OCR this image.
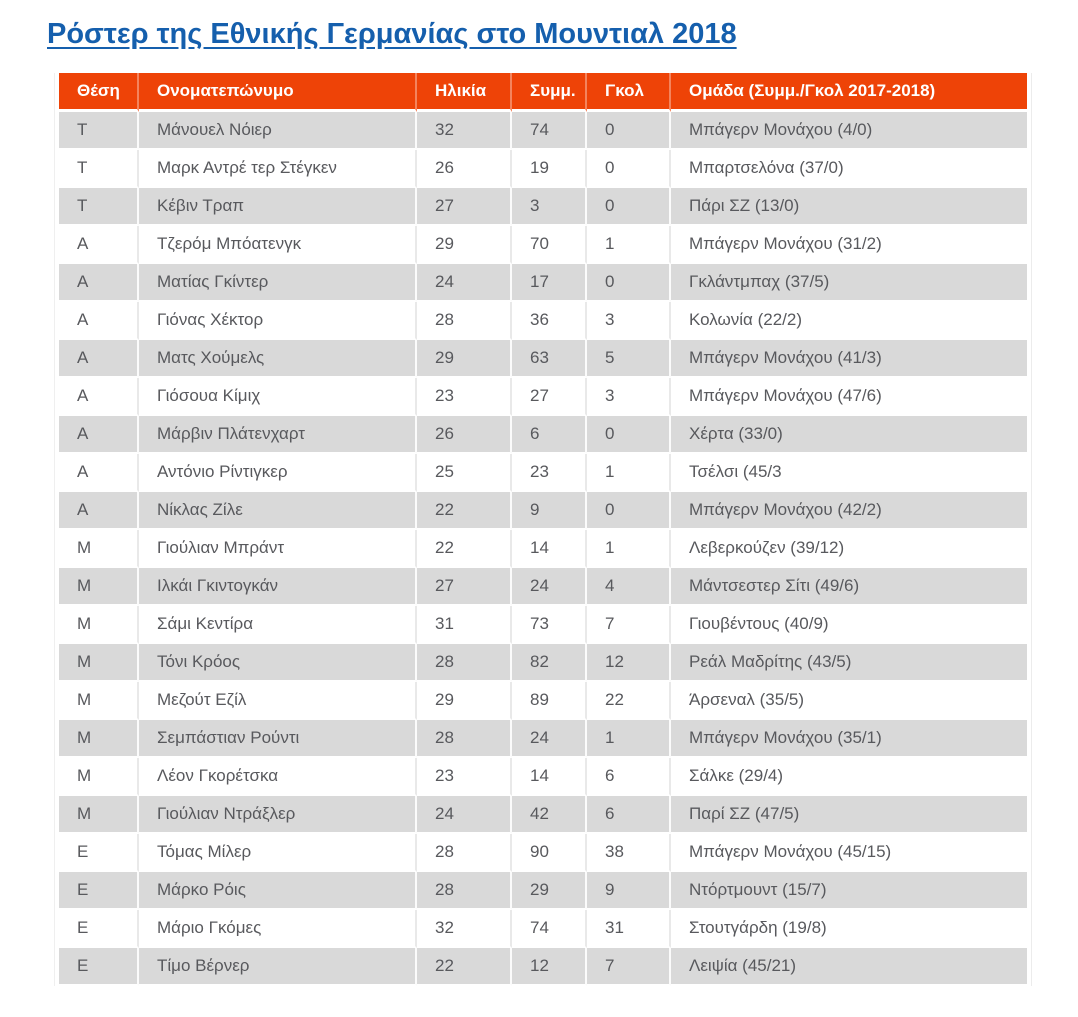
Ρόστερ της Εθνικής Γερμανίας στο Μουντιαλ 2018
Θέση	Ονοματεπώνυμο	Ηλικία	Συμμ.	Γκολ	Ομάδα (Συμμ./Γκολ 2017-2018)
Τ	Μάνουελ Νόιερ	32	74	0	Μπάγερν Μονάχου (4/0)
Τ	Μαρκ Αντρέ τερ Στέγκεν	26	19	0	Μπαρτσελόνα (37/0)
Τ	Κέβιν Τραπ	27	3	0	Πάρι ΣΖ (13/0)
Α	Τζερόμ Μπόατενγκ	29	70	1	Μπάγερν Μονάχου (31/2)
Α	Ματίας Γκίντερ	24	17	0	Γκλάντμπαχ (37/5)
Α	Γιόνας Χέκτορ	28	36	3	Κολωνία (22/2)
Α	Ματς Χούμελς	29	63	5	Μπάγερν Μονάχου (41/3)
Α	Γιόσουα Κίμιχ	23	27	3	Μπάγερν Μονάχου (47/6)
Α	Μάρβιν Πλάτενχαρτ	26	6	0	Χέρτα (33/0)
Α	Αντόνιο Ρίντιγκερ	25	23	1	Τσέλσι (45/3
Α	Νίκλας Ζίλε	22	9	0	Μπάγερν Μονάχου (42/2)
Μ	Γιούλιαν Μπράντ	22	14	1	Λεβερκούζεν (39/12)
Μ	Ιλκάι Γκιντογκάν	27	24	4	Μάντσεστερ Σίτι (49/6)
Μ	Σάμι Κεντίρα	31	73	7	Γιουβέντους (40/9)
Μ	Τόνι Κρόος	28	82	12	Ρεάλ Μαδρίτης (43/5)
Μ	Μεζούτ Εζίλ	29	89	22	Άρσεναλ (35/5)
Μ	Σεμπάστιαν Ρούντι	28	24	1	Μπάγερν Μονάχου (35/1)
Μ	Λέον Γκορέτσκα	23	14	6	Σάλκε (29/4)
Μ	Γιούλιαν Ντράξλερ	24	42	6	Παρί ΣΖ (47/5)
Ε	Τόμας Μίλερ	28	90	38	Μπάγερν Μονάχου (45/15)
Ε	Μάρκο Ρόις	28	29	9	Ντόρτμουντ (15/7)
Ε	Μάριο Γκόμες	32	74	31	Στουτγάρδη (19/8)
Ε	Τίμο Βέρνερ	22	12	7	Λειψία (45/21)
